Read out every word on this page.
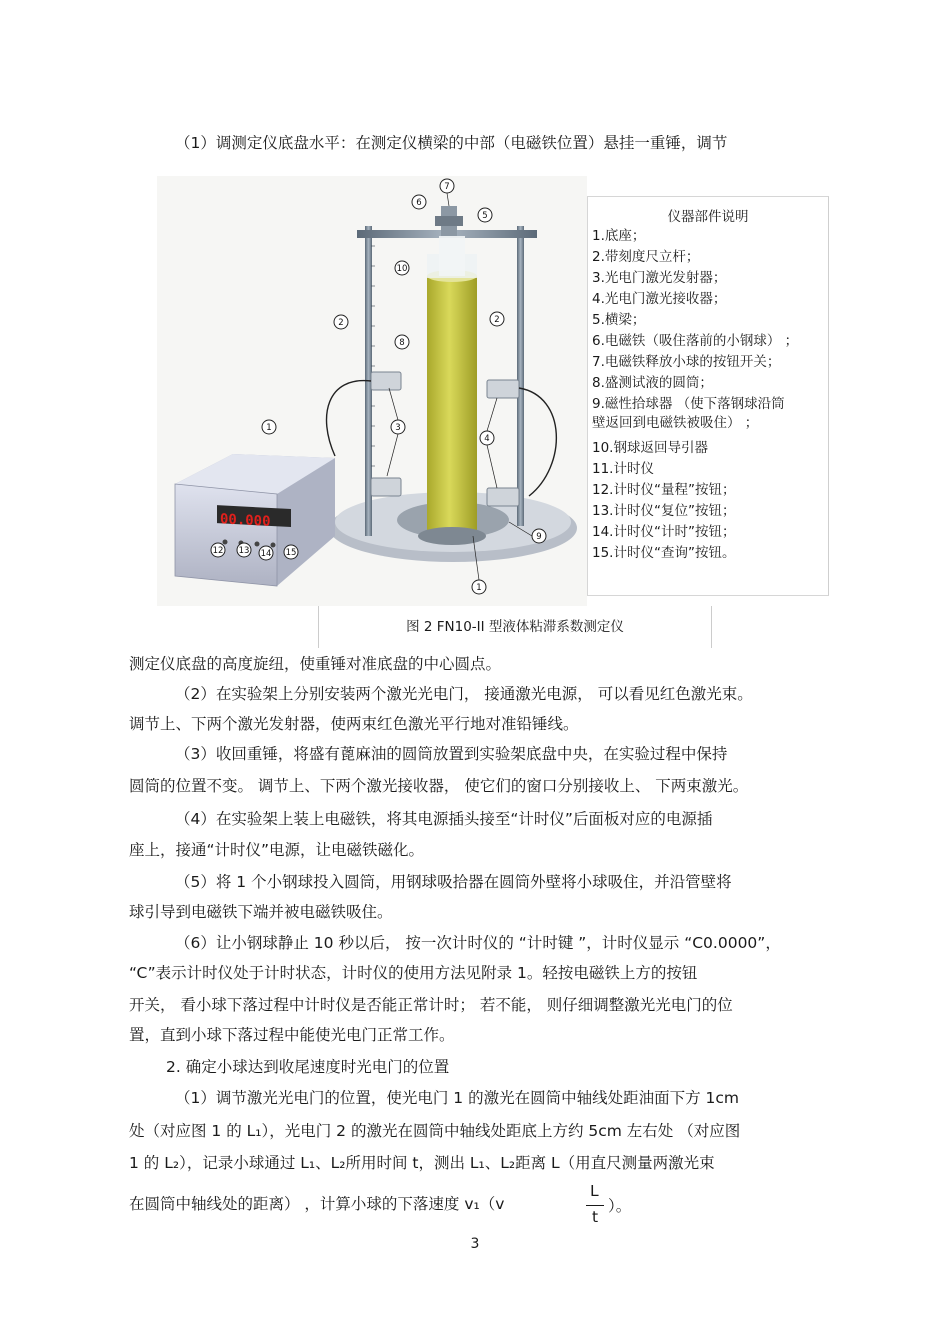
（1）调测定仪底盘水平：在测定仪横梁的中部（电磁铁位置）悬挂一重锤，调节
00.000
1
2	2
3
4
5
6
7
8
9
10
12 13 14 15
1
仪器部件说明
1.底座；
2.带刻度尺立杆；
3.光电门激光发射器；
4.光电门激光接收器；
5.横梁；
6.电磁铁（吸住落前的小钢球） ；
7.电磁铁释放小球的按钮开关；
8.盛测试液的圆筒；
9.磁性拾球器 （使下落钢球沿筒
壁返回到电磁铁被吸住） ；
10.钢球返回导引器
11.计时仪
12.计时仪“量程”按钮；
13.计时仪“复位”按钮；
14.计时仪“计时”按钮；
15.计时仪“查询”按钮。
图 2 FN10-II 型液体粘滞系数测定仪
测定仪底盘的高度旋纽，使重锤对准底盘的中心圆点。
（2）在实验架上分别安装两个激光光电门， 接通激光电源， 可以看见红色激光束。
调节上、下两个激光发射器，使两束红色激光平行地对准铅锤线。
（3）收回重锤，将盛有蓖麻油的圆筒放置到实验架底盘中央，在实验过程中保持
圆筒的位置不变。 调节上、下两个激光接收器， 使它们的窗口分别接收上、 下两束激光。
（4）在实验架上装上电磁铁，将其电源插头接至“计时仪”后面板对应的电源插
座上，接通“计时仪”电源，让电磁铁磁化。
（5）将 1 个小钢球投入圆筒，用钢球吸拾器在圆筒外壁将小球吸住，并沿管壁将
球引导到电磁铁下端并被电磁铁吸住。
（6）让小钢球静止 10 秒以后， 按一次计时仪的 “计时键 ”，计时仪显示 “C0.0000”，
“C”表示计时仪处于计时状态，计时仪的使用方法见附录 1。轻按电磁铁上方的按钮
开关， 看小球下落过程中计时仪是否能正常计时； 若不能， 则仔细调整激光光电门的位
置，直到小球下落过程中能使光电门正常工作。
2. 确定小球达到收尾速度时光电门的位置
（1）调节激光光电门的位置，使光电门 1 的激光在圆筒中轴线处距油面下方 1cm
处（对应图 1 的 L₁），光电门 2 的激光在圆筒中轴线处距底上方约 5cm 左右处 （对应图
1 的 L₂），记录小球通过 L₁、L₂所用时间 t，测出 L₁、L₂距离 L（用直尺测量两激光束
在圆筒中轴线处的距离） ，计算小球的下落速度 v₁（v
L
t
）。
3
